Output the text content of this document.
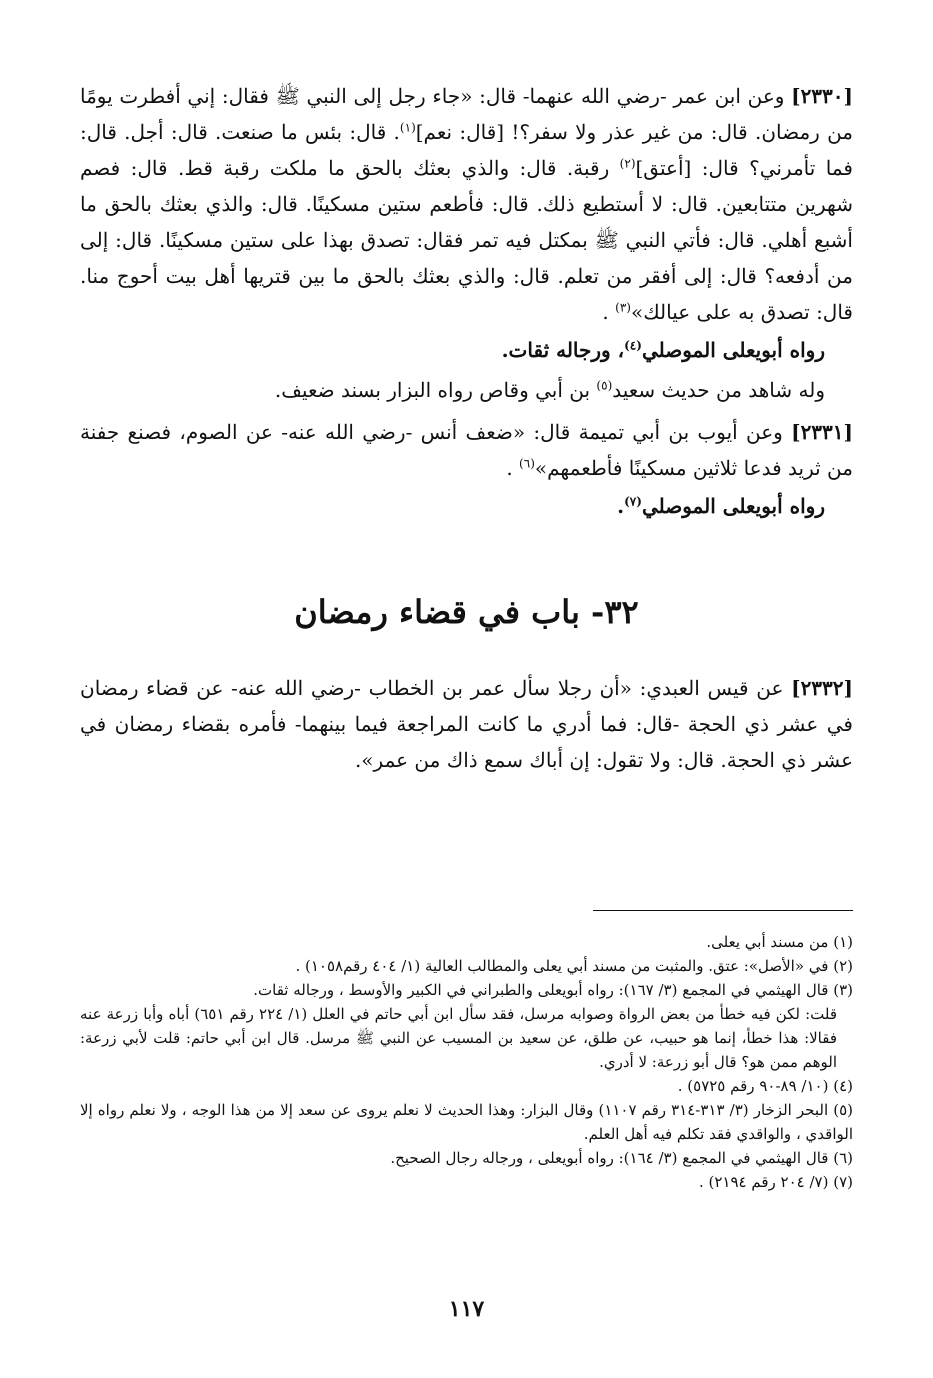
[٢٣٣٠] وعن ابن عمر -رضي الله عنهما- قال: «جاء رجل إلى النبي ﷺ فقال: إني أفطرت يومًا من رمضان. قال: من غير عذر ولا سفر؟! [قال: نعم]$^{(١)}$. قال: بئس ما صنعت. قال: أجل. قال: فما تأمرني؟ قال: [أعتق]$^{(٢)}$ رقبة. قال: والذي بعثك بالحق ما ملكت رقبة قط. قال: فصم شهرين متتابعين. قال: لا أستطيع ذلك. قال: فأطعم ستين مسكينًا. قال: والذي بعثك بالحق ما أشبع أهلي. قال: فأتي النبي ﷺ بمكتل فيه تمر فقال: تصدق بهذا على ستين مسكينًا. قال: إلى من أدفعه؟ قال: إلى أفقر من تعلم. قال: والذي بعثك بالحق ما بين قتريها أهل بيت أحوج منا. قال: تصدق به على عيالك»$^{(٣)}$ .

رواه أبويعلى الموصلي$^{(٤)}$، ورجاله ثقات.

وله شاهد من حديث سعيد$^{(٥)}$ بن أبي وقاص رواه البزار بسند ضعيف.

[٢٣٣١] وعن أيوب بن أبي تميمة قال: «ضعف أنس -رضي الله عنه- عن الصوم، فصنع جفنة من ثريد فدعا ثلاثين مسكينًا فأطعمهم»$^{(٦)}$ .

رواه أبويعلى الموصلي$^{(٧)}$.

٣٢- باب في قضاء رمضان

[٢٣٣٢] عن قيس العبدي: «أن رجلا سأل عمر بن الخطاب -رضي الله عنه- عن قضاء رمضان في عشر ذي الحجة -قال: فما أدري ما كانت المراجعة فيما بينهما- فأمره بقضاء رمضان في عشر ذي الحجة. قال: ولا تقول: إن أباك سمع ذاك من عمر».

(١) من مسند أبي يعلى.

(٢) في «الأصل»: عتق. والمثبت من مسند أبي يعلى والمطالب العالية (١/ ٤٠٤ رقم١٠٥٨) .

(٣) قال الهيثمي في المجمع (٣/ ١٦٧): رواه أبويعلى والطبراني في الكبير والأوسط ، ورجاله ثقات.

قلت: لكن فيه خطأ من بعض الرواة وصوابه مرسل، فقد سأل ابن أبي حاتم في العلل (١/ ٢٢٤ رقم ٦٥١) أباه وأبا زرعة عنه فقالا: هذا خطأ، إنما هو حبيب، عن طلق، عن سعيد بن المسيب عن النبي ﷺ مرسل. قال ابن أبي حاتم: قلت لأبي زرعة: الوهم ممن هو؟ قال أبو زرعة: لا أدري.

(٤) (١٠/ ٨٩-٩٠ رقم ٥٧٢٥) .

(٥) البحر الزخار (٣/ ٣١٣-٣١٤ رقم ١١٠٧) وقال البزار: وهذا الحديث لا نعلم يروى عن سعد إلا من هذا الوجه ، ولا نعلم رواه إلا الواقدي ، والواقدي فقد تكلم فيه أهل العلم.

(٦) قال الهيثمي في المجمع (٣/ ١٦٤): رواه أبويعلى ، ورجاله رجال الصحيح.

(٧) (٧/ ٢٠٤ رقم ٢١٩٤) .

١١٧
